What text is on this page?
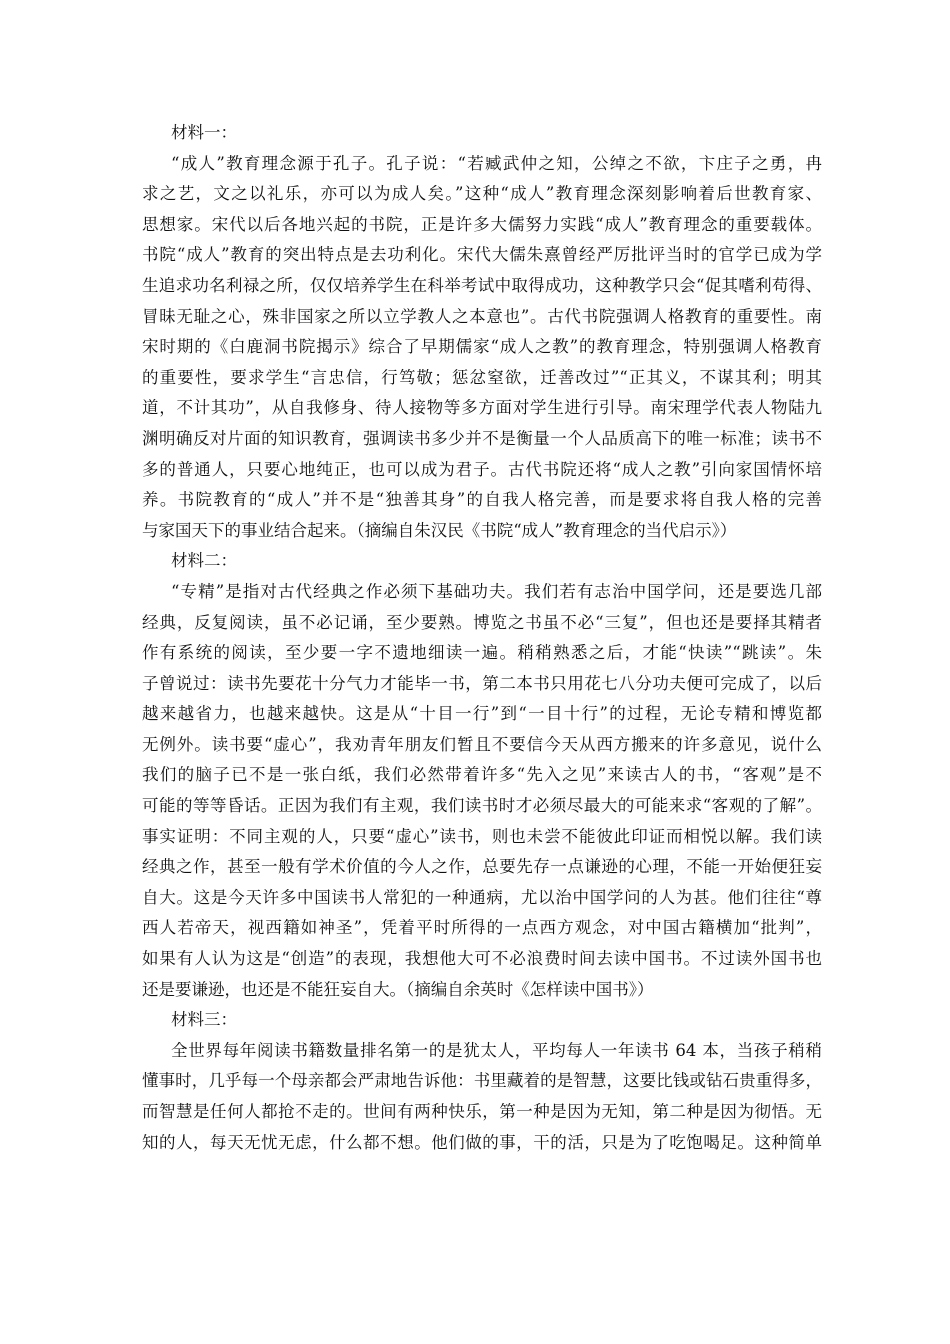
材料一：
“成人”教育理念源于孔子。孔子说：“若臧武仲之知，公绰之不欲，卞庄子之勇，冉
求之艺，文之以礼乐，亦可以为成人矣。”这种“成人”教育理念深刻影响着后世教育家、
思想家。宋代以后各地兴起的书院，正是许多大儒努力实践“成人”教育理念的重要载体。
书院“成人”教育的突出特点是去功利化。宋代大儒朱熹曾经严厉批评当时的官学已成为学
生追求功名利禄之所，仅仅培养学生在科举考试中取得成功，这种教学只会“促其嗜利苟得、
冒昧无耻之心，殊非国家之所以立学教人之本意也”。古代书院强调人格教育的重要性。南
宋时期的《白鹿洞书院揭示》综合了早期儒家“成人之教”的教育理念，特别强调人格教育
的重要性，要求学生“言忠信，行笃敬；惩忿窒欲，迁善改过”“正其义，不谋其利；明其
道，不计其功”，从自我修身、待人接物等多方面对学生进行引导。南宋理学代表人物陆九
渊明确反对片面的知识教育，强调读书多少并不是衡量一个人品质高下的唯一标准；读书不
多的普通人，只要心地纯正，也可以成为君子。古代书院还将“成人之教”引向家国情怀培
养。书院教育的“成人”并不是“独善其身”的自我人格完善，而是要求将自我人格的完善
与家国天下的事业结合起来。（摘编自朱汉民《书院“成人”教育理念的当代启示》）
材料二：
“专精”是指对古代经典之作必须下基础功夫。我们若有志治中国学问，还是要选几部
经典，反复阅读，虽不必记诵，至少要熟。博览之书虽不必“三复”，但也还是要择其精者
作有系统的阅读，至少要一字不遗地细读一遍。稍稍熟悉之后，才能“快读”“跳读”。朱
子曾说过：读书先要花十分气力才能毕一书，第二本书只用花七八分功夫便可完成了，以后
越来越省力，也越来越快。这是从“十目一行”到“一目十行”的过程，无论专精和博览都
无例外。读书要“虚心”，我劝青年朋友们暂且不要信今天从西方搬来的许多意见，说什么
我们的脑子已不是一张白纸，我们必然带着许多“先入之见”来读古人的书，“客观”是不
可能的等等昏话。正因为我们有主观，我们读书时才必须尽最大的可能来求“客观的了解”。
事实证明：不同主观的人，只要“虚心”读书，则也未尝不能彼此印证而相悦以解。我们读
经典之作，甚至一般有学术价值的今人之作，总要先存一点谦逊的心理，不能一开始便狂妄
自大。这是今天许多中国读书人常犯的一种通病，尤以治中国学问的人为甚。他们往往“尊
西人若帝天，视西籍如神圣”，凭着平时所得的一点西方观念，对中国古籍横加“批判”，
如果有人认为这是“创造”的表现，我想他大可不必浪费时间去读中国书。不过读外国书也
还是要谦逊，也还是不能狂妄自大。（摘编自余英时《怎样读中国书》）
材料三：
全世界每年阅读书籍数量排名第一的是犹太人，平均每人一年读书 64 本，当孩子稍稍
懂事时，几乎每一个母亲都会严肃地告诉他：书里藏着的是智慧，这要比钱或钻石贵重得多，
而智慧是任何人都抢不走的。世间有两种快乐，第一种是因为无知，第二种是因为彻悟。无
知的人，每天无忧无虑，什么都不想。他们做的事，干的活，只是为了吃饱喝足。这种简单
